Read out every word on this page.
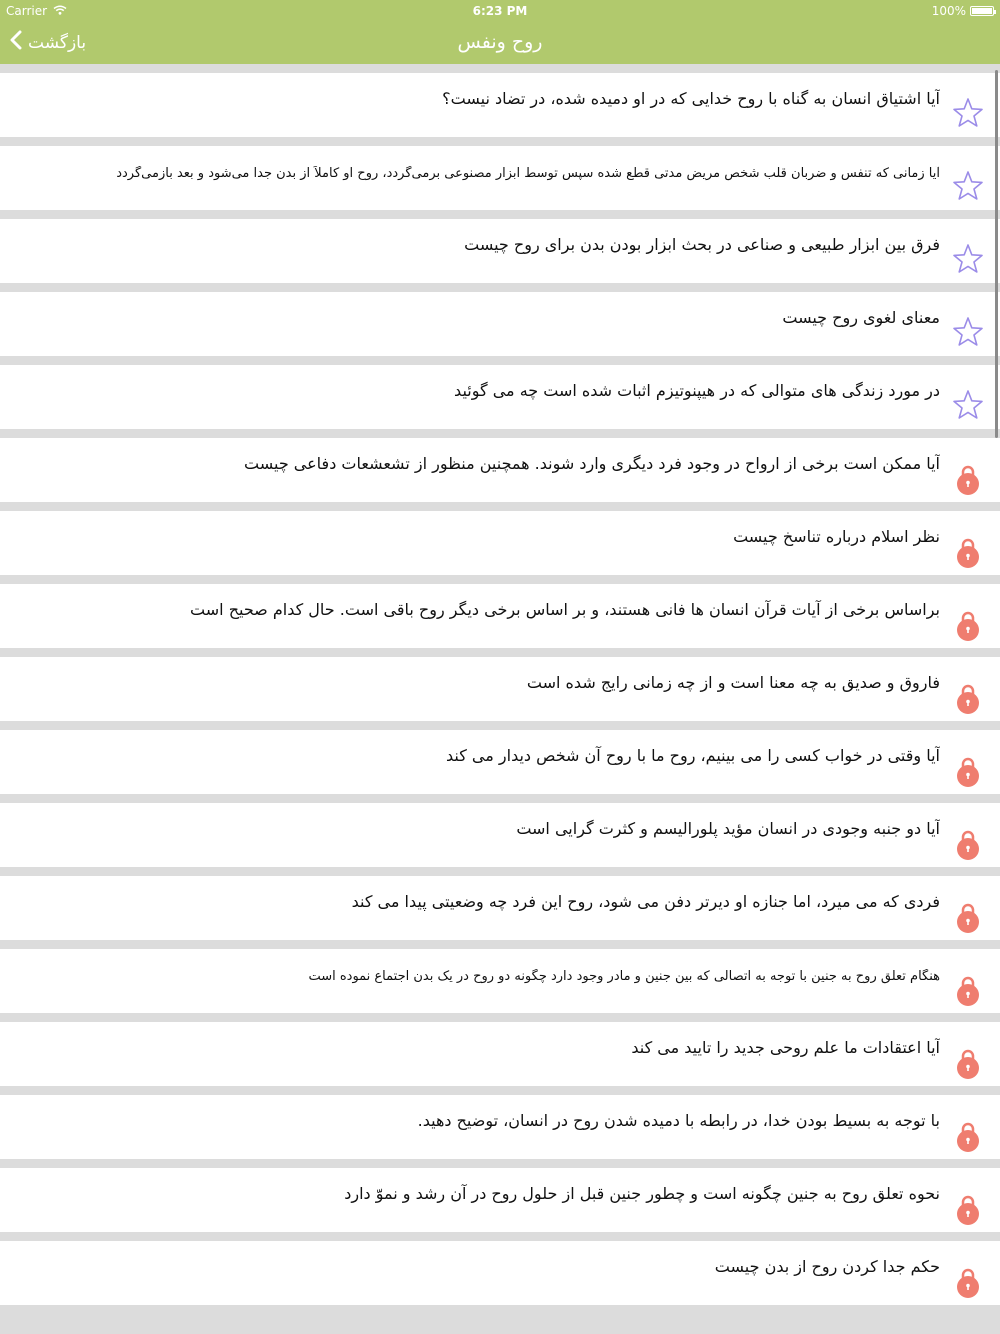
Carrier	6:23 PM	100%
بازگشت	روح ونفس
آیا اشتیاق انسان به گناه با روح خدایی که در او دمیده شده، در تضاد نیست؟
آیا زمانی که تنفس و ضربان قلب شخص مریض مدتی قطع شده سپس توسط ابزار مصنوعی برمی‌گردد، روح او کاملاً از بدن جدا می‌شود و بعد بازمی‌گردد
فرق بین ابزار طبیعی و صناعی در بحث ابزار بودن بدن برای روح چیست
معنای لغوی روح چیست
در مورد زندگی های متوالی که در هیپنوتیزم اثبات شده است چه می گوئید
آیا ممکن است برخی از ارواح در وجود فرد دیگری وارد شوند. همچنین منظور از تشعشعات دفاعی چیست
نظر اسلام درباره تناسخ چیست
براساس برخی از آیات قرآن انسان ها فانی هستند، و بر اساس برخی دیگر روح باقی است. حال کدام صحیح است
فاروق و صدیق به چه معنا است و از چه زمانی رایج شده است
آیا وقتی در خواب کسی را می بینیم، روح ما با روح آن شخص دیدار می کند
آیا دو جنبه وجودی در انسان مؤید پلوراليسم و کثرت گرایی است
فردی که می میرد، اما جنازه او دیرتر دفن می شود، روح این فرد چه وضعیتی پیدا می کند
هنگام تعلق روح به جنین با توجه به اتصالی که بین جنین و مادر وجود دارد چگونه دو روح در یک بدن اجتماع نموده است
آیا اعتقادات ما علم روحی جدید را تایید می کند
با توجه به بسیط بودن خدا، در رابطه با دمیده شدن روح در انسان، توضیح دهید.
نحوه تعلق روح به جنین چگونه است و چطور جنین قبل از حلول روح در آن رشد و نموّ دارد
حکم جدا کردن روح از بدن چیست
